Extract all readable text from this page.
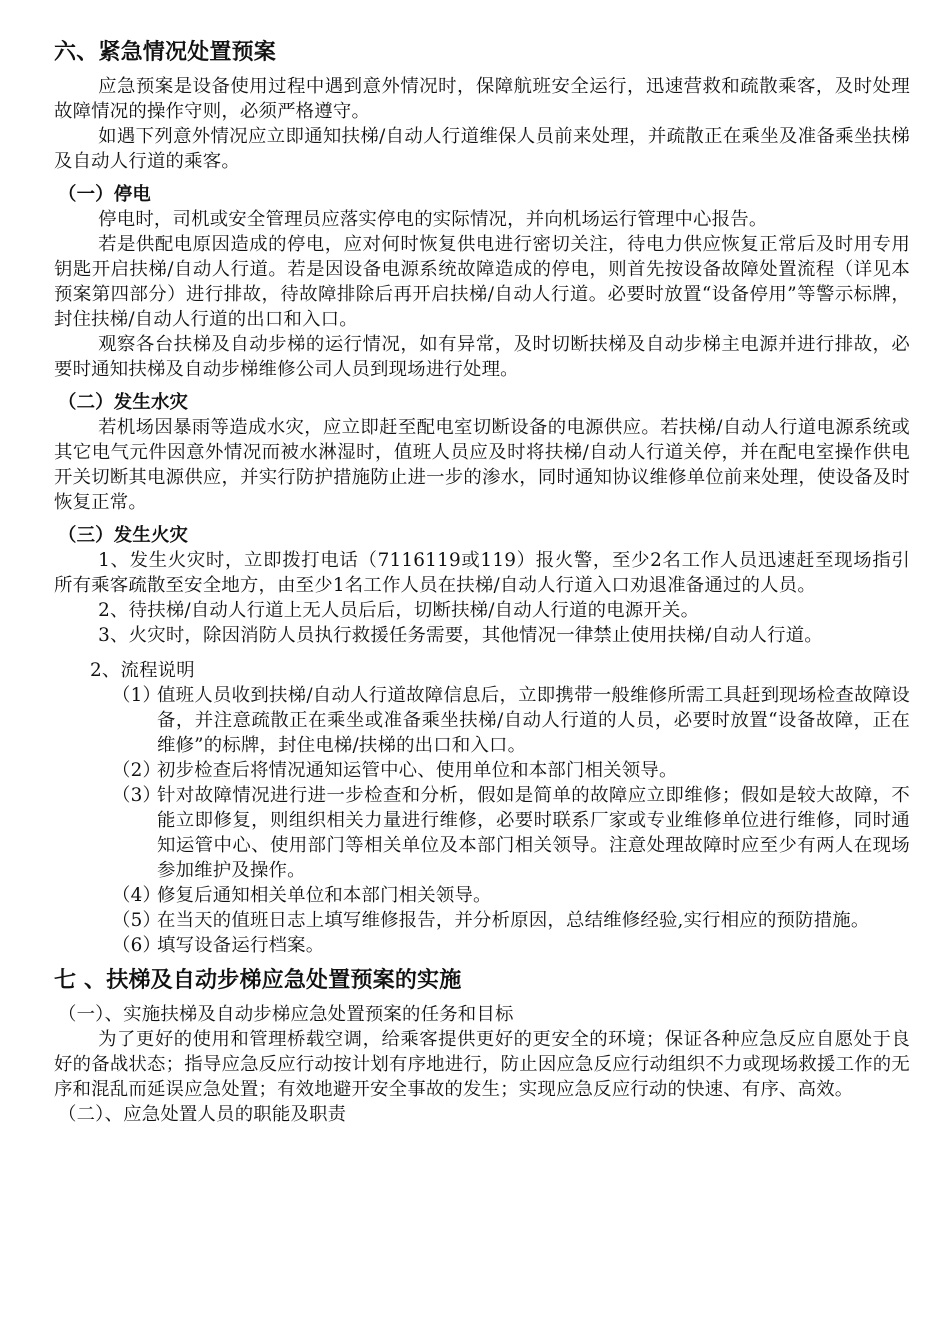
六、紧急情况处置预案

应急预案是设备使用过程中遇到意外情况时，保障航班安全运行，迅速营救和疏散乘客，及时处理故障情况的操作守则，必须严格遵守。

如遇下列意外情况应立即通知扶梯/自动人行道维保人员前来处理，并疏散正在乘坐及准备乘坐扶梯及自动人行道的乘客。

（一）停电

停电时，司机或安全管理员应落实停电的实际情况，并向机场运行管理中心报告。

若是供配电原因造成的停电，应对何时恢复供电进行密切关注，待电力供应恢复正常后及时用专用钥匙开启扶梯/自动人行道。若是因设备电源系统故障造成的停电，则首先按设备故障处置流程（详见本预案第四部分）进行排故，待故障排除后再开启扶梯/自动人行道。必要时放置“设备停用”等警示标牌，封住扶梯/自动人行道的出口和入口。

观察各台扶梯及自动步梯的运行情况，如有异常，及时切断扶梯及自动步梯主电源并进行排故，必要时通知扶梯及自动步梯维修公司人员到现场进行处理。

（二）发生水灾

若机场因暴雨等造成水灾，应立即赶至配电室切断设备的电源供应。若扶梯/自动人行道电源系统或其它电气元件因意外情况而被水淋湿时，值班人员应及时将扶梯/自动人行道关停，并在配电室操作供电开关切断其电源供应，并实行防护措施防止进一步的渗水，同时通知协议维修单位前来处理，使设备及时恢复正常。

（三）发生火灾

1、发生火灾时，立即拨打电话（7116119或119）报火警，至少2名工作人员迅速赶至现场指引所有乘客疏散至安全地方，由至少1名工作人员在扶梯/自动人行道入口劝退准备通过的人员。

2、待扶梯/自动人行道上无人员后后，切断扶梯/自动人行道的电源开关。

3、火灾时，除因消防人员执行救援任务需要，其他情况一律禁止使用扶梯/自动人行道。

2、流程说明

（1）
值班人员收到扶梯/自动人行道故障信息后，立即携带一般维修所需工具赶到现场检查故障设备，并注意疏散正在乘坐或准备乘坐扶梯/自动人行道的人员，必要时放置“设备故障，正在维修”的标牌，封住电梯/扶梯的出口和入口。
（2）
初步检查后将情况通知运管中心、使用单位和本部门相关领导。
（3）
针对故障情况进行进一步检查和分析，假如是简单的故障应立即维修；假如是较大故障，不能立即修复，则组织相关力量进行维修，必要时联系厂家或专业维修单位进行维修，同时通知运管中心、使用部门等相关单位及本部门相关领导。注意处理故障时应至少有两人在现场参加维护及操作。
（4）
修复后通知相关单位和本部门相关领导。
（5）
在当天的值班日志上填写维修报告，并分析原因，总结维修经验,实行相应的预防措施。
（6）
填写设备运行档案。
七 、扶梯及自动步梯应急处置预案的实施

（一）、实施扶梯及自动步梯应急处置预案的任务和目标

为了更好的使用和管理桥载空调，给乘客提供更好的更安全的环境；保证各种应急反应自愿处于良好的备战状态；指导应急反应行动按计划有序地进行，防止因应急反应行动组织不力或现场救援工作的无序和混乱而延误应急处置；有效地避开安全事故的发生；实现应急反应行动的快速、有序、高效。

（二）、应急处置人员的职能及职责
